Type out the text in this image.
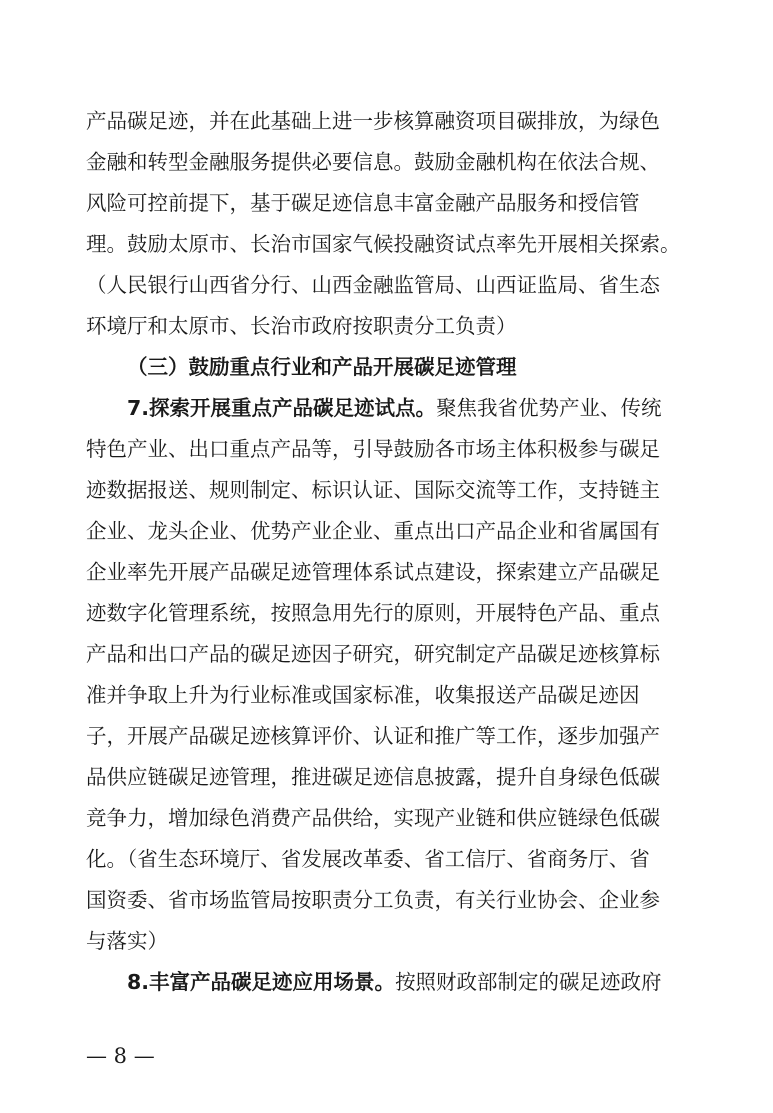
产品碳足迹，并在此基础上进一步核算融资项目碳排放，为绿色
金融和转型金融服务提供必要信息。鼓励金融机构在依法合规、
风险可控前提下，基于碳足迹信息丰富金融产品服务和授信管
理。鼓励太原市、长治市国家气候投融资试点率先开展相关探索。
（人民银行山西省分行、山西金融监管局、山西证监局、省生态
环境厅和太原市、长治市政府按职责分工负责）
（三）鼓励重点行业和产品开展碳足迹管理
7.探索开展重点产品碳足迹试点。聚焦我省优势产业、传统
特色产业、出口重点产品等，引导鼓励各市场主体积极参与碳足
迹数据报送、规则制定、标识认证、国际交流等工作，支持链主
企业、龙头企业、优势产业企业、重点出口产品企业和省属国有
企业率先开展产品碳足迹管理体系试点建设，探索建立产品碳足
迹数字化管理系统，按照急用先行的原则，开展特色产品、重点
产品和出口产品的碳足迹因子研究，研究制定产品碳足迹核算标
准并争取上升为行业标准或国家标准，收集报送产品碳足迹因
子，开展产品碳足迹核算评价、认证和推广等工作，逐步加强产
品供应链碳足迹管理，推进碳足迹信息披露，提升自身绿色低碳
竞争力，增加绿色消费产品供给，实现产业链和供应链绿色低碳
化。（省生态环境厅、省发展改革委、省工信厅、省商务厅、省
国资委、省市场监管局按职责分工负责，有关行业协会、企业参
与落实）
8.丰富产品碳足迹应用场景。按照财政部制定的碳足迹政府
— 8 —
